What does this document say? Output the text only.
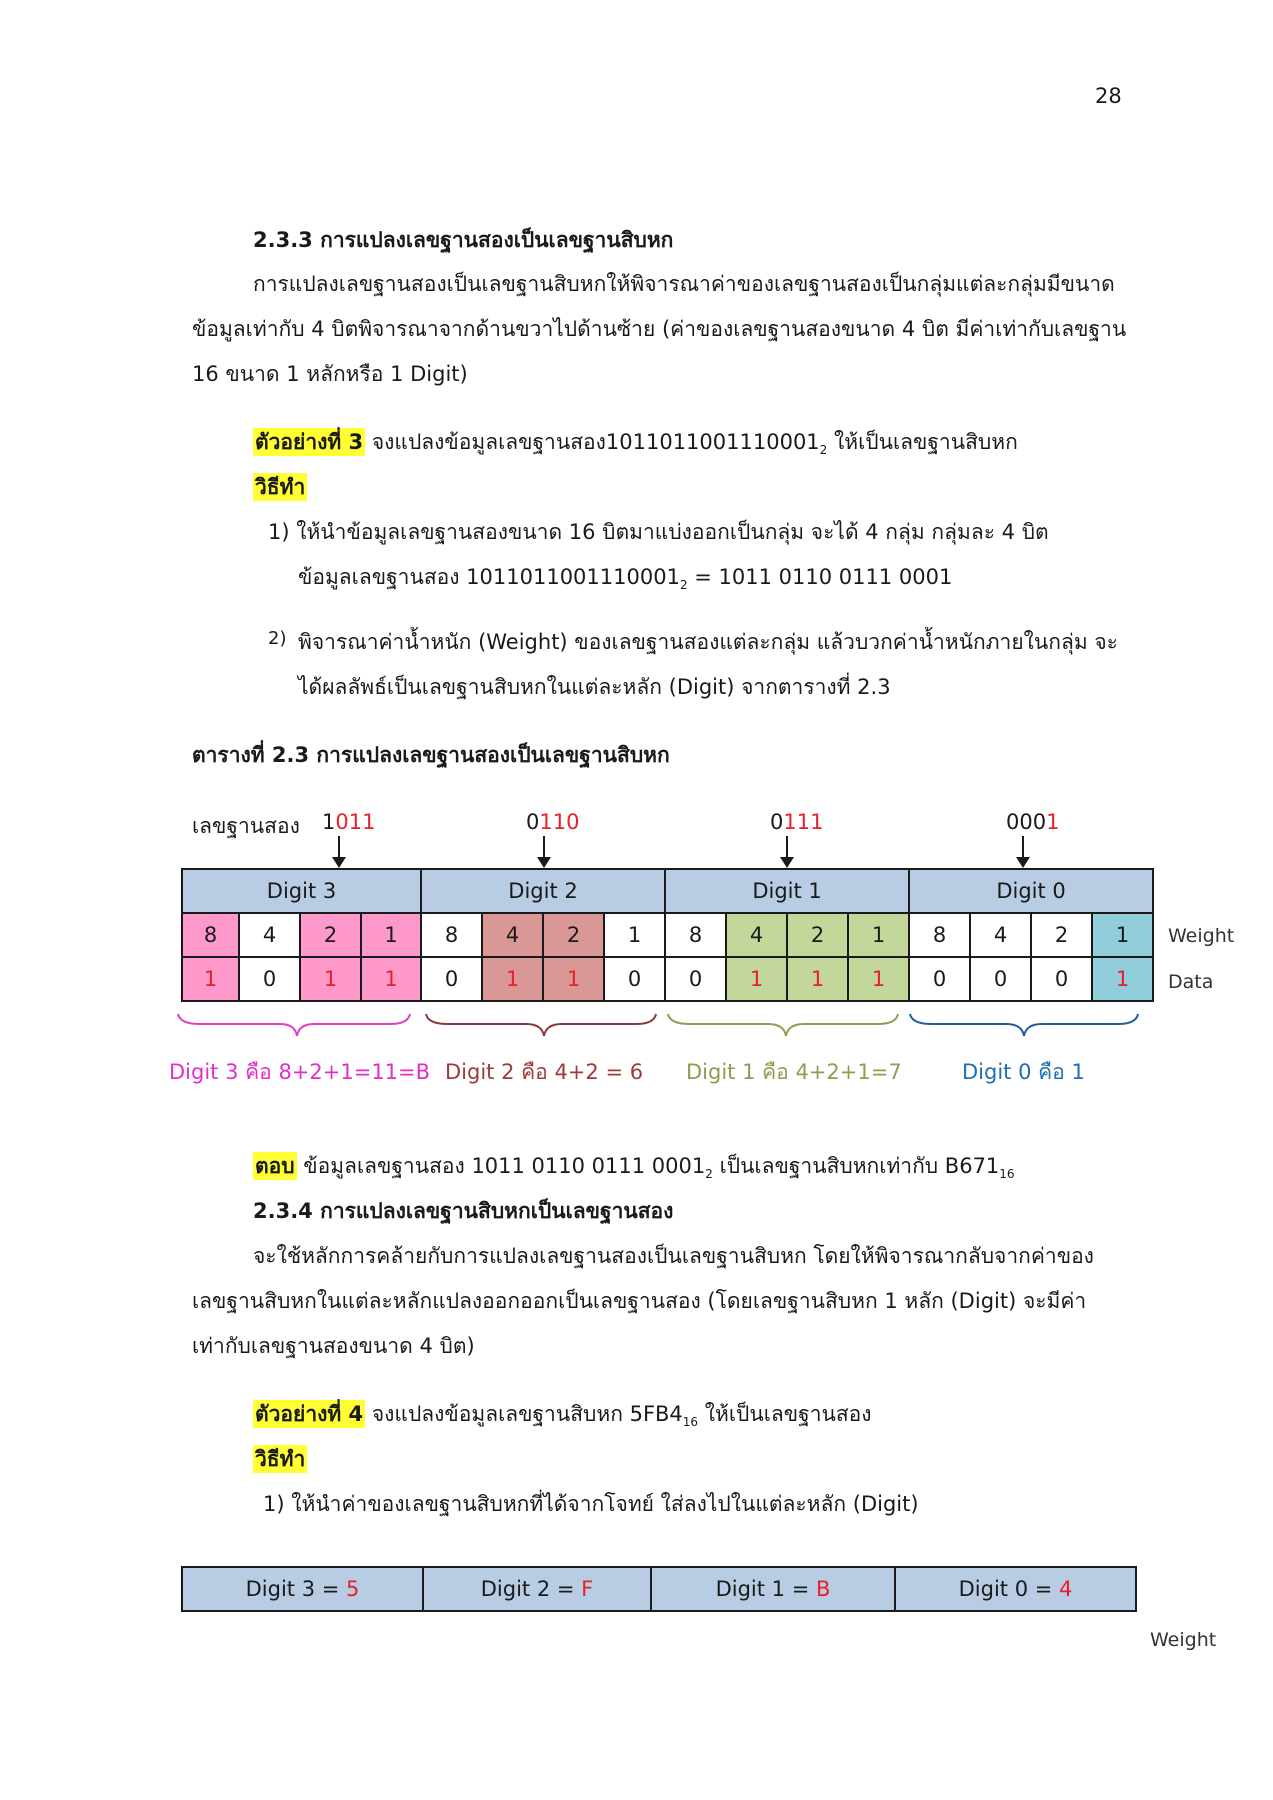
28
2.3.3 การแปลงเลขฐานสองเป็นเลขฐานสิบหก
การแปลงเลขฐานสองเป็นเลขฐานสิบหกให้พิจารณาค่าของเลขฐานสองเป็นกลุ่มแต่ละกลุ่มมีขนาด
ข้อมูลเท่ากับ 4 บิตพิจารณาจากด้านขวาไปด้านซ้าย (ค่าของเลขฐานสองขนาด 4 บิต มีค่าเท่ากับเลขฐาน
16 ขนาด 1 หลักหรือ 1 Digit)
ตัวอย่างที่ 3 จงแปลงข้อมูลเลขฐานสอง$1011011001110001_2$ ให้เป็นเลขฐานสิบหก
วิธีทำ
1) ให้นำข้อมูลเลขฐานสองขนาด 16 บิตมาแบ่งออกเป็นกลุ่ม จะได้ 4 กลุ่ม กลุ่มละ 4 บิต
ข้อมูลเลขฐานสอง $1011011001110001_2 = 1011$ 0110 0111 0001
2) พิจารณาค่าน้ำหนัก (Weight) ของเลขฐานสองแต่ละกลุ่ม แล้วบวกค่าน้ำหนักภายในกลุ่ม จะ
ได้ผลลัพธ์เป็นเลขฐานสิบหกในแต่ละหลัก (Digit) จากตารางที่ 2.3
ตารางที่ 2.3 การแปลงเลขฐานสองเป็นเลขฐานสิบหก
เลขฐานสอง 1011	0110	0111	0001
Digit 3				Digit 2				Digit 1				Digit 0			
8	4	2	1	8	4	2	1	8	4	2	1	8	4	2	1
1	0	1	1	0	1	1	0	0	1	1	1	0	0	0	1
Weight
Data
Digit 3 คือ 8+2+1=11=B Digit 2 คือ 4+2 = 6 Digit 1 คือ 4+2+1=7	Digit 0 คือ 1
ตอบ ข้อมูลเลขฐานสอง 1011 0110 0111 $0001_2$ เป็นเลขฐานสิบหกเท่ากับ $B671_{16}$
2.3.4 การแปลงเลขฐานสิบหกเป็นเลขฐานสอง
จะใช้หลักการคล้ายกับการแปลงเลขฐานสองเป็นเลขฐานสิบหก โดยให้พิจารณากลับจากค่าของ
เลขฐานสิบหกในแต่ละหลักแปลงออกออกเป็นเลขฐานสอง (โดยเลขฐานสิบหก 1 หลัก (Digit) จะมีค่า
เท่ากับเลขฐานสองขนาด 4 บิต)
ตัวอย่างที่ 4 จงแปลงข้อมูลเลขฐานสิบหก $5FB4_{16}$ ให้เป็นเลขฐานสอง
วิธีทำ
1) ให้นำค่าของเลขฐานสิบหกที่ได้จากโจทย์ ใส่ลงไปในแต่ละหลัก (Digit)
Digit 3 = 5	Digit 2 = F	Digit 1 = B	Digit 0 = 4
Weight
